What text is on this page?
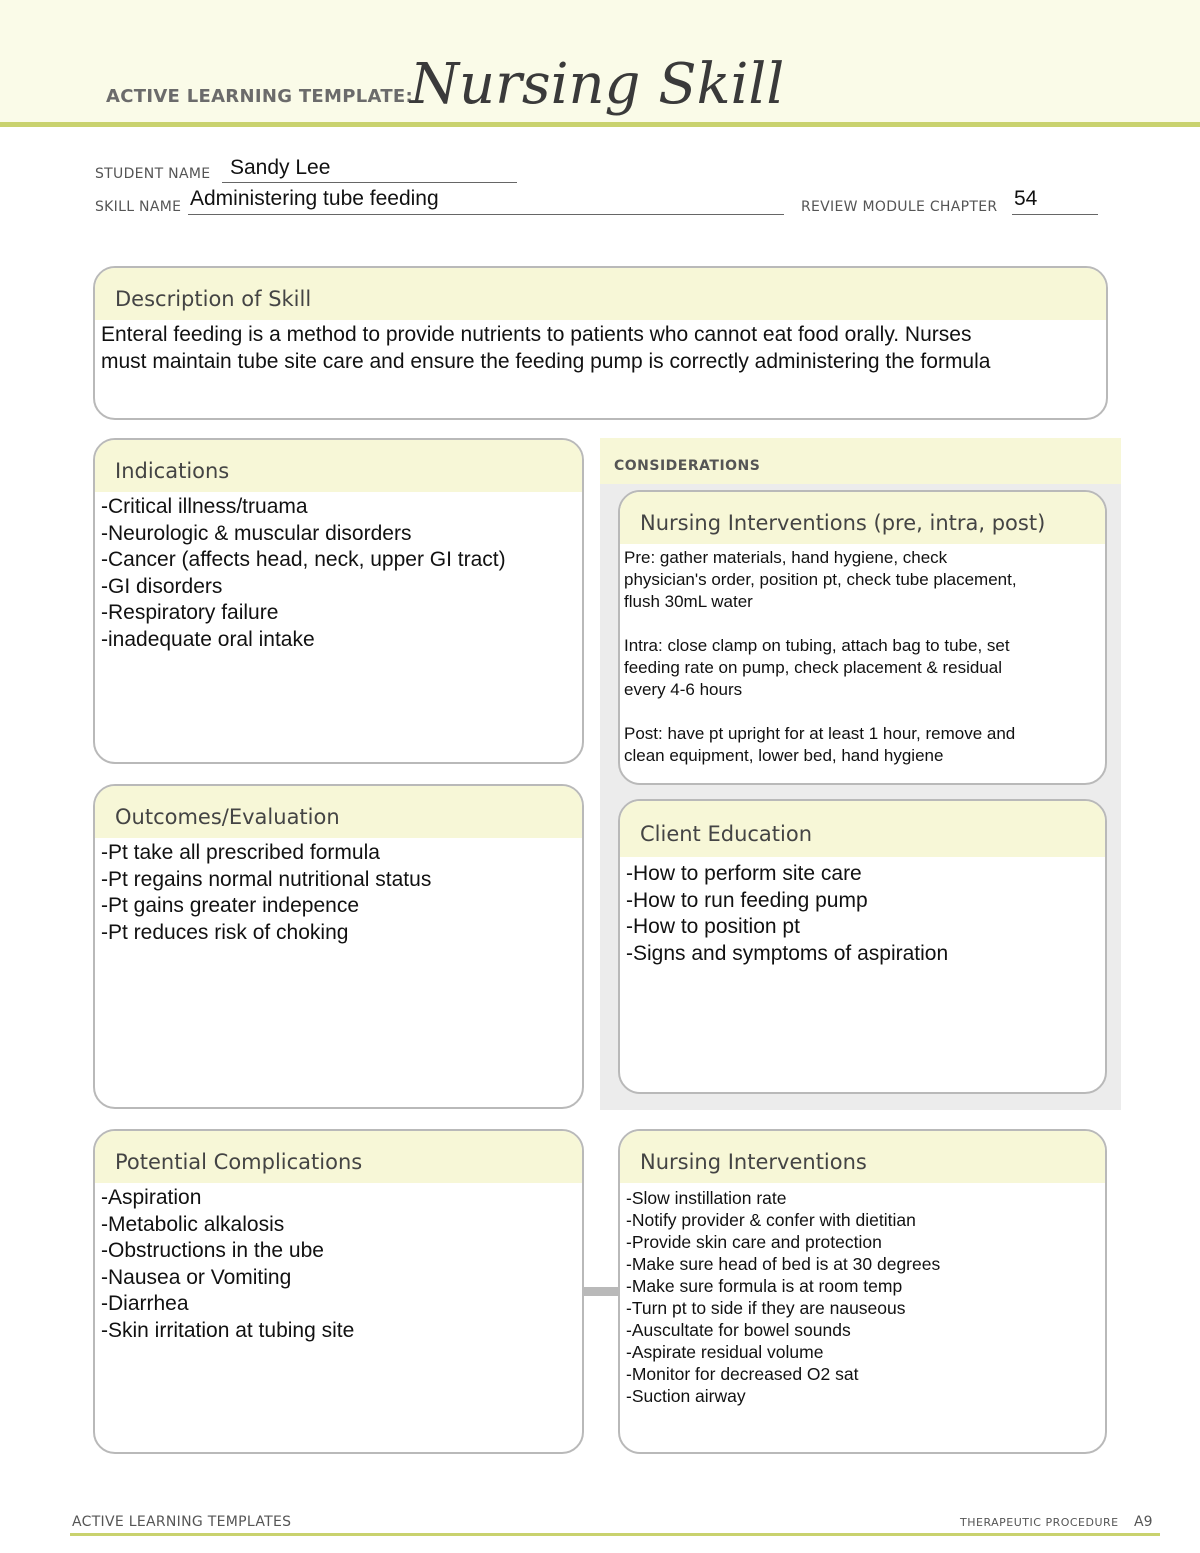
ACTIVE LEARNING TEMPLATE:
Nursing Skill
STUDENT NAME Sandy Lee
SKILL NAME Administering tube feeding	REVIEW MODULE CHAPTER 54
Description of Skill
Enteral feeding is a method to provide nutrients to patients who cannot eat food orally. Nurses
must maintain tube site care and ensure the feeding pump is correctly administering the formula
Indications
-Critical illness/truama
-Neurologic & muscular disorders
-Cancer (affects head, neck, upper GI tract)
-GI disorders
-Respiratory failure
-inadequate oral intake
Outcomes/Evaluation
-Pt take all prescribed formula
-Pt regains normal nutritional status
-Pt gains greater indepence
-Pt reduces risk of choking
CONSIDERATIONS
Nursing Interventions (pre, intra, post)
Pre: gather materials, hand hygiene, check
physician's order, position pt, check tube placement,
flush 30mL water

Intra: close clamp on tubing, attach bag to tube, set
feeding rate on pump, check placement & residual
every 4-6 hours

Post: have pt upright for at least 1 hour, remove and
clean equipment, lower bed, hand hygiene
Client Education
-How to perform site care
-How to run feeding pump
-How to position pt
-Signs and symptoms of aspiration
Potential Complications
-Aspiration
-Metabolic alkalosis
-Obstructions in the ube
-Nausea or Vomiting
-Diarrhea
-Skin irritation at tubing site
Nursing Interventions
-Slow instillation rate
-Notify provider & confer with dietitian
-Provide skin care and protection
-Make sure head of bed is at 30 degrees
-Make sure formula is at room temp
-Turn pt to side if they are nauseous
-Auscultate for bowel sounds
-Aspirate residual volume
-Monitor for decreased O2 sat
-Suction airway
ACTIVE LEARNING TEMPLATES	THERAPEUTIC PROCEDURE A9
